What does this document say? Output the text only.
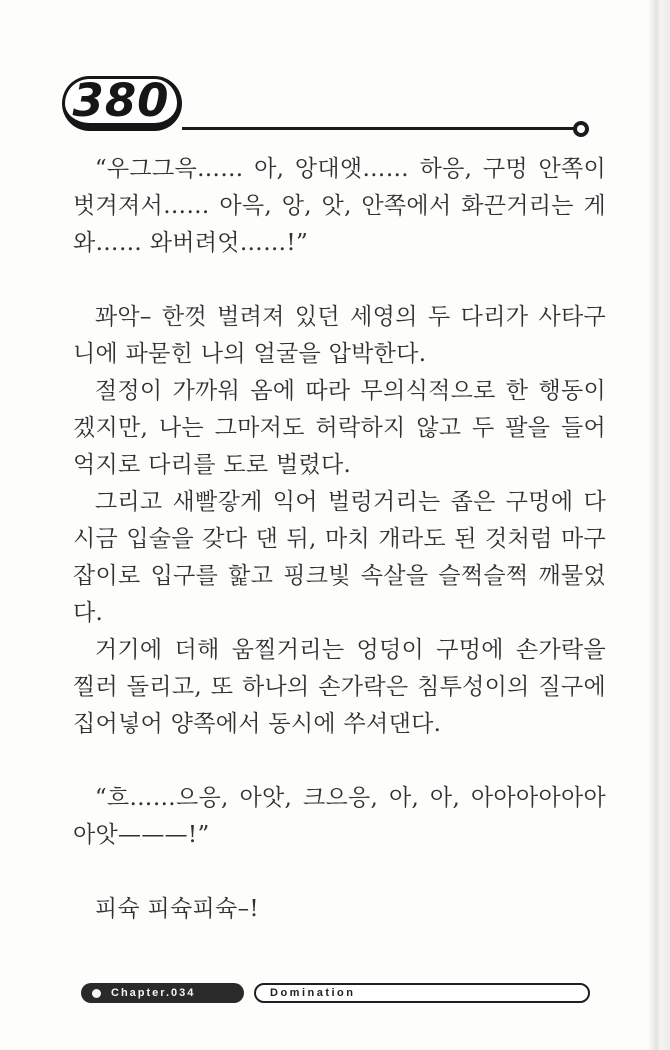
380

“우그그윽…… 아, 앙대앳…… 하응, 구멍 안쪽이 벗겨져서…… 아윽, 앙, 앗, 안쪽에서 화끈거리는 게 와…… 와버려엇……!”

꽈악– 한껏 벌려져 있던 세영의 두 다리가 사타구니에 파묻힌 나의 얼굴을 압박한다.

절정이 가까워 옴에 따라 무의식적으로 한 행동이겠지만, 나는 그마저도 허락하지 않고 두 팔을 들어 억지로 다리를 도로 벌렸다.

그리고 새빨갛게 익어 벌렁거리는 좁은 구멍에 다시금 입술을 갖다 댄 뒤, 마치 개라도 된 것처럼 마구잡이로 입구를 핥고 핑크빛 속살을 슬쩍슬쩍 깨물었다.

거기에 더해 움찔거리는 엉덩이 구멍에 손가락을 찔러 돌리고, 또 하나의 손가락은 침투성이의 질구에 집어넣어 양쪽에서 동시에 쑤셔댄다.

“흐……으응, 아앗, 크으응, 아, 아, 아아아아아아아앗———!”

피슉 피슉피슉–!

Chapter.034	Domination
